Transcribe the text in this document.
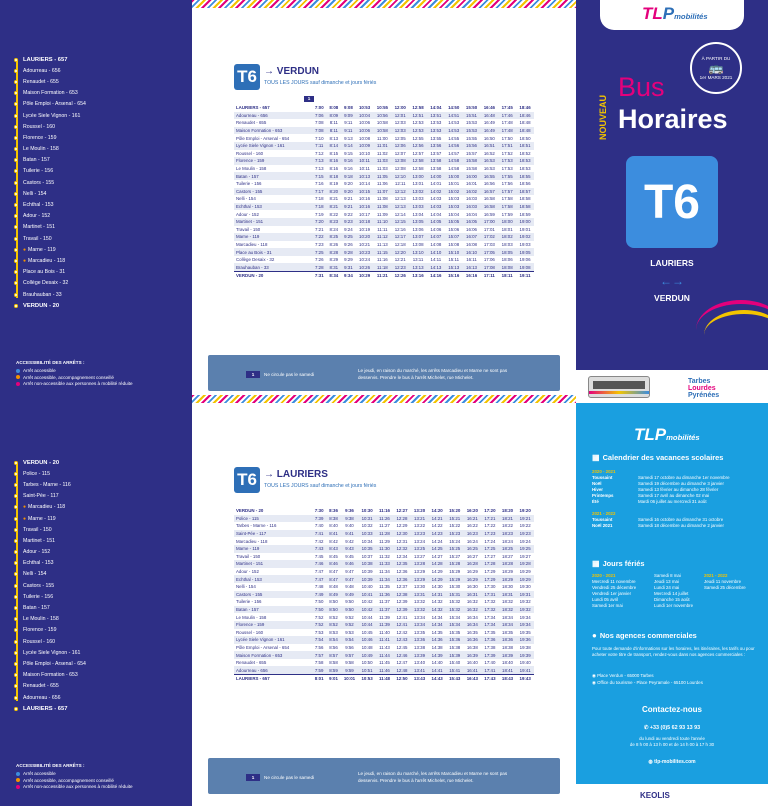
LAURIERS - 657
Adourreau - 656
Renaudet - 655
Maison Formation - 653
Pôle Emploi - Arsenal - 654
Lycée Siele Vignon - 161
Roussel - 160
Florence - 159
Le Moulin - 158
Batan - 157
Tuilerie - 156
Castors - 155
Nelli - 154
Echthal - 153
Adour - 152
Martinet - 151
Travail - 150
● Marne - 119
● Marcadieu - 118
Place au Bois - 31
Collège Desaix - 32
Brauhauban - 33
VERDUN - 20
ACCESSIBILITÉ DES ARRÊTS :
Arrêt accessible
Arrêt accessible, accompagnement conseillé
Arrêt non-accessible aux personnes à mobilité réduite
VERDUN - 20
Police - 115
Tarbes - Marne - 116
Saint-Pée - 117
● Marcadieu - 118
● Marne - 119
Travail - 150
Martinet - 151
Adour - 152
Echthal - 153
Nelli - 154
Castors - 155
Tuilerie - 156
Batan - 157
Le Moulin - 158
Florence - 159
Roussel - 160
Lycée Siele Vignon - 161
Pôle Emploi - Arsenal - 654
Maison Formation - 653
Renaudet - 655
Adourreau - 656
LAURIERS - 657
ACCESSIBILITÉ DES ARRÊTS :
Arrêt accessible
Arrêt accessible, accompagnement conseillé
Arrêt non-accessible aux personnes à mobilité réduite
T6 → VERDUN
TOUS LES JOURS sauf dimanche et jours fériés
1
LAURIERS - 657	7:00	8:08	9:08	10:53	10:55	12:00	12:58	14:04	14:50	15:50	16:46	17:45	18:46
Adourreau - 656	7:06	8:09	9:09	10:04	10:56	12:01	12:51	13:51	14:51	15:51	16:48	17:46	18:46
Renaudet - 655	7:08	8:11	9:11	10:06	10:58	12:03	12:53	13:53	14:53	15:53	16:49	17:48	18:48
Maison Formation - 653	7:08	8:11	9:11	10:06	10:58	12:03	12:53	13:53	14:53	15:53	16:49	17:48	18:48
Pôle Emploi - Arsenal - 654	7:10	8:13	9:13	10:08	11:00	12:05	12:55	13:55	14:55	15:55	16:50	17:50	18:50
Lycée Siele Vignon - 161	7:11	8:14	9:14	10:09	11:01	12:06	12:56	13:56	14:56	15:56	16:51	17:51	18:51
Roussel - 160	7:12	8:15	9:15	10:10	11:02	12:07	12:57	13:57	14:57	15:57	16:52	17:52	18:52
Florence - 159	7:13	8:16	9:16	10:11	11:03	12:08	12:58	13:58	14:58	15:58	16:53	17:53	18:53
Le Moulin - 158	7:13	8:16	9:16	10:11	11:03	12:08	12:58	13:58	14:58	15:58	16:53	17:53	18:53
Batan - 157	7:15	8:18	9:18	10:13	11:05	12:10	13:00	14:00	15:00	16:00	16:55	17:55	18:55
Tuilerie - 156	7:16	8:19	9:20	10:14	11:06	12:11	13:01	14:01	15:01	16:01	16:56	17:56	18:56
Castors - 155	7:17	8:20	9:20	10:15	11:07	12:12	13:02	14:02	15:02	16:02	16:57	17:57	18:57
Nelli - 154	7:18	8:21	9:21	10:16	11:08	12:13	13:03	14:03	15:03	16:03	16:58	17:58	18:58
Echthal - 153	7:18	8:21	9:21	10:16	11:08	12:13	13:03	14:03	15:03	16:03	16:58	17:58	18:58
Adour - 152	7:19	8:22	9:22	10:17	11:09	12:14	13:04	14:04	15:04	16:04	16:59	17:59	18:59
Martinet - 151	7:20	8:23	9:23	10:18	11:10	12:15	13:05	14:05	15:05	16:05	17:00	18:00	19:00
Travail - 150	7:21	8:24	9:24	10:19	11:11	12:16	13:06	14:06	15:06	16:06	17:01	18:01	19:01
Marne - 119	7:22	8:25	9:25	10:20	11:12	12:17	13:07	14:07	15:07	16:07	17:02	18:02	19:02
Marcadieu - 118	7:23	8:26	9:26	10:21	11:13	12:18	13:08	14:08	15:08	16:08	17:03	18:03	19:03
Place au Bois - 31	7:25	8:28	9:28	10:23	11:15	12:20	13:10	14:10	15:10	16:10	17:05	18:05	19:05
Collège Desaix - 32	7:26	8:29	9:29	10:24	11:16	12:21	13:11	14:11	15:11	16:11	17:06	18:06	19:06
Brauhauban - 33	7:28	8:31	9:31	10:26	11:18	12:23	13:13	14:13	15:13	16:13	17:08	18:08	19:08
VERDUN - 20	7:31	8:34	9:34	10:29	11:21	12:26	13:16	14:16	15:16	16:16	17:11	18:11	19:11
1	Ne circule pas le samedi
Le jeudi, en raison du marché, les arrêts Marcadieu et Marne ne sont pas desservis. Prendre le bus à l'arrêt Michelet, rue Michelet.
T6 → LAURIERS
TOUS LES JOURS sauf dimanche et jours fériés
VERDUN - 20	7:30	8:36	9:36	10:30	11:16	12:27	13:20	14:20	15:20	16:20	17:20	18:20	19:20
Police - 115	7:39	8:38	9:38	10:31	11:26	12:28	13:21	14:21	15:21	16:21	17:21	18:21	19:21
Tarbes - Marne - 116	7:40	8:40	9:40	10:32	11:27	12:29	13:22	14:22	15:22	16:22	17:22	18:22	19:22
Saint-Pée - 117	7:41	8:41	9:41	10:33	11:28	12:30	13:23	14:23	15:23	16:23	17:23	18:23	19:23
Marcadieu - 118	7:42	8:42	9:42	10:34	11:29	12:31	13:24	14:24	15:24	16:24	17:24	18:24	19:24
Marne - 119	7:43	8:43	9:43	10:35	11:30	12:32	13:25	14:25	15:25	16:25	17:25	18:25	19:25
Travail - 150	7:45	8:45	9:45	10:37	11:32	12:34	13:27	14:27	15:27	16:27	17:27	18:27	19:27
Martinet - 151	7:46	8:46	9:46	10:38	11:33	12:35	13:28	14:28	15:28	16:28	17:28	18:28	19:28
Adour - 152	7:47	8:47	9:47	10:39	11:34	12:36	13:29	14:29	15:29	16:29	17:29	18:29	19:29
Echthal - 153	7:47	8:47	9:47	10:39	11:34	12:36	13:29	14:29	15:29	16:29	17:29	18:29	19:29
Nelli - 154	7:48	8:48	9:48	10:40	11:35	12:37	13:30	14:30	15:30	16:30	17:30	18:30	19:30
Castors - 155	7:49	8:49	9:49	10:41	11:36	12:38	13:31	14:31	15:31	16:31	17:31	18:31	19:31
Tuilerie - 156	7:50	8:50	9:50	10:42	11:37	12:39	13:32	14:32	15:32	16:32	17:32	18:32	19:32
Batan - 157	7:50	8:50	9:50	10:42	11:37	12:39	13:32	14:32	15:32	16:32	17:32	18:32	19:32
Le Moulin - 158	7:52	8:52	9:52	10:44	11:39	12:41	13:34	14:34	15:34	16:34	17:34	18:34	19:34
Florence - 159	7:52	8:52	9:52	10:44	11:39	12:41	13:34	14:34	15:34	16:34	17:34	18:34	19:34
Roussel - 160	7:53	8:53	9:53	10:45	11:40	12:42	13:35	14:35	15:35	16:35	17:35	18:35	19:35
Lycée Siele Vignon - 161	7:54	8:54	9:54	10:46	11:41	12:43	13:36	14:36	15:36	16:36	17:36	18:36	19:36
Pôle Emploi - Arsenal - 654	7:56	8:56	9:56	10:48	11:43	12:45	13:38	14:38	15:38	16:38	17:38	18:38	19:38
Maison Formation - 653	7:57	8:57	9:57	10:49	11:44	12:46	13:39	14:39	15:39	16:39	17:39	18:39	19:39
Renaudet - 655	7:58	8:58	9:58	10:50	11:45	12:47	13:40	14:40	15:40	16:40	17:40	18:40	19:40
Adourreau - 656	7:59	8:59	9:59	10:51	11:46	12:48	13:41	14:41	15:41	16:41	17:41	18:41	19:41
LAURIERS - 657	8:01	9:01	10:01	10:53	11:48	12:50	13:43	14:43	15:43	16:43	17:43	18:43	19:43
1	Ne circule pas le samedi
Le jeudi, en raison du marché, les arrêts Marcadieu et Marne ne sont pas desservis. Prendre le bus à l'arrêt Michelet, rue Michelet.
TLPmobilités
NOUVEAU
À PARTIR DU
🚌
1er MARS 2021
Bus
Horaires
T6
LAURIERS
←→
VERDUN
Tarbes
Lourdes
Pyrénées
TLPmobilités
▦ Calendrier des vacances scolaires
2020 - 2021
Toussaint	Samedi 17 octobre au dimanche 1er novembre
Noël	Samedi 19 décembre au dimanche 3 janvier
Hiver	Samedi 13 février au dimanche 28 février
Printemps	Samedi 17 avril au dimanche 02 mai
Été	Mardi 06 juillet au mercredi 31 août
2021 - 2022
Toussaint	Samedi 16 octobre au dimanche 31 octobre
Noël 2021	Samedi 18 décembre au dimanche 2 janvier
▦ Jours fériés
2020 - 2021
Mercredi 11 novembre
Vendredi 25 décembre
Vendredi 1er janvier
Lundi 05 avril
Samedi 1er mai
Samedi 8 mai
Jeudi 13 mai
Lundi 24 mai
Mercredi 14 juillet
Dimanche 15 août
Lundi 1er novembre
2021 - 2022
Jeudi 11 novembre
Samedi 25 décembre
● Nos agences commerciales
Pour toute demande d'informations sur les horaires, les itinéraires, les tarifs ou pour acheter votre titre de transport, rendez-vous dans nos agences commerciales :
◉ Place Verdun - 65000 Tarbes
◉ Office du tourisme - Place Peyramale - 65100 Lourdes
Contactez-nous
✆ +33 (0)5 62 93 13 93
du lundi au vendredi toute l'année
de 8 h 00 à 13 h 00 et de 14 h 00 à 17 h 30
◍ tlp-mobilites.com
KEOLIS
